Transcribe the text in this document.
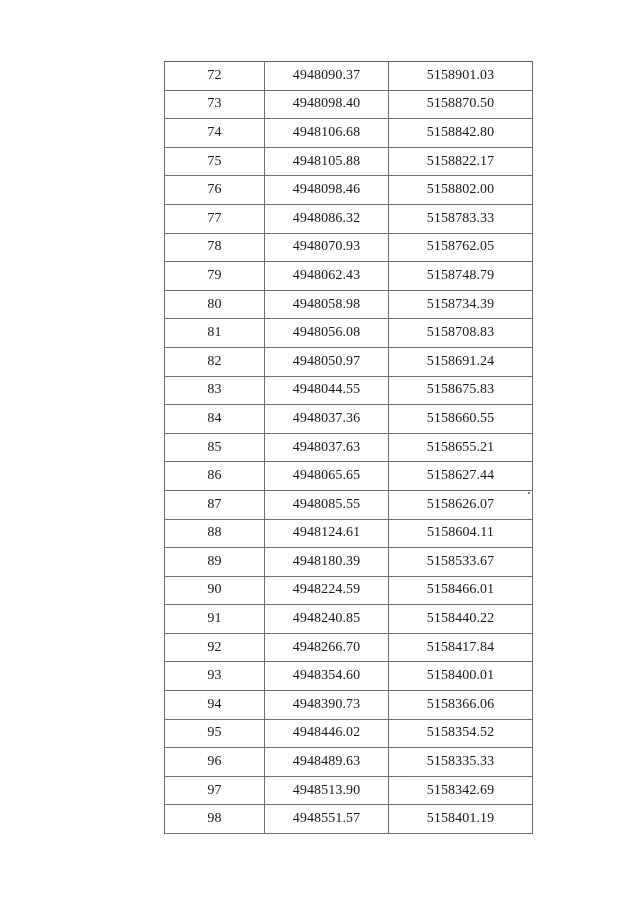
72	4948090.37	5158901.03
73	4948098.40	5158870.50
74	4948106.68	5158842.80
75	4948105.88	5158822.17
76	4948098.46	5158802.00
77	4948086.32	5158783.33
78	4948070.93	5158762.05
79	4948062.43	5158748.79
80	4948058.98	5158734.39
81	4948056.08	5158708.83
82	4948050.97	5158691.24
83	4948044.55	5158675.83
84	4948037.36	5158660.55
85	4948037.63	5158655.21
86	4948065.65	5158627.44
87	4948085.55	5158626.07
88	4948124.61	5158604.11
89	4948180.39	5158533.67
90	4948224.59	5158466.01
91	4948240.85	5158440.22
92	4948266.70	5158417.84
93	4948354.60	5158400.01
94	4948390.73	5158366.06
95	4948446.02	5158354.52
96	4948489.63	5158335.33
97	4948513.90	5158342.69
98	4948551.57	5158401.19
